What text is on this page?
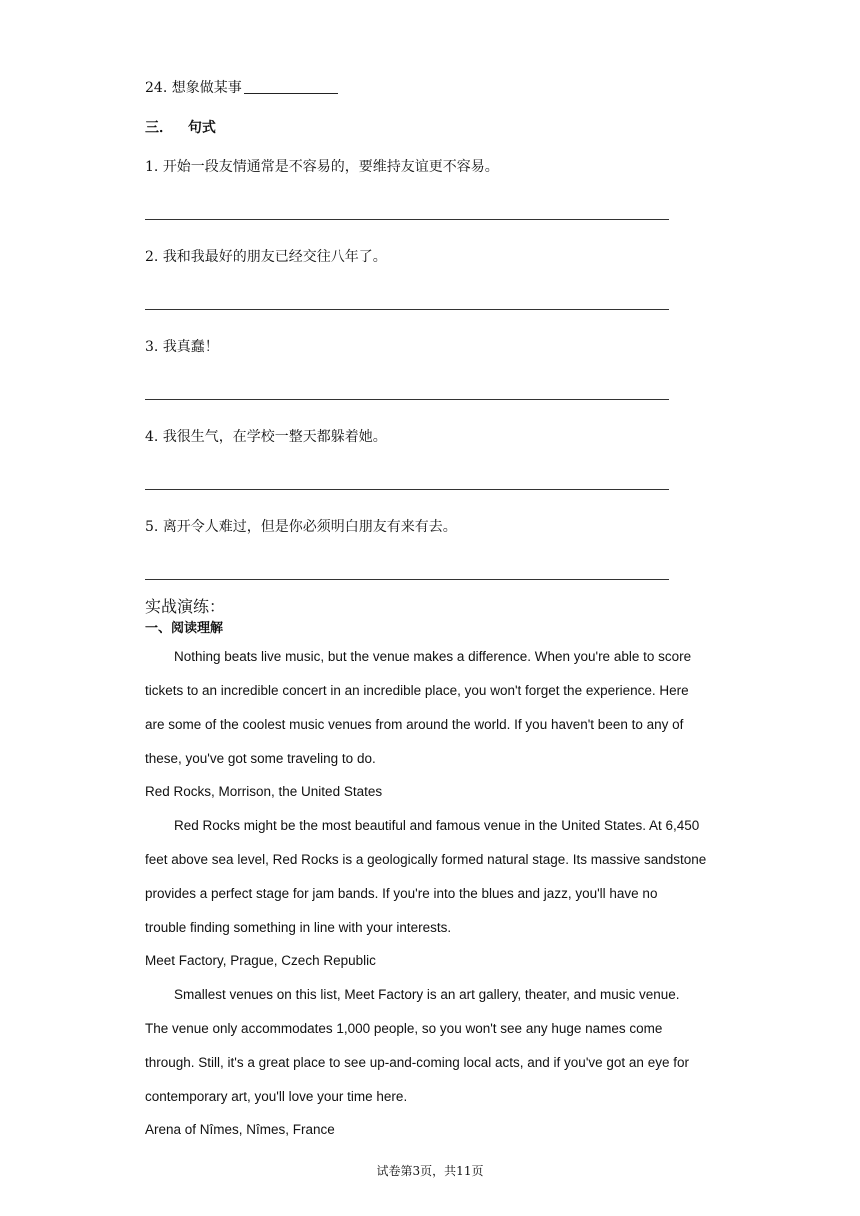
24. 想象做某事
三． 句式
1. 开始一段友情通常是不容易的，要维持友谊更不容易。
2. 我和我最好的朋友已经交往八年了。
3. 我真蠢！
4. 我很生气，在学校一整天都躲着她。
5. 离开令人难过，但是你必须明白朋友有来有去。
实战演练：
一、阅读理解
Nothing beats live music, but the venue makes a difference. When you're able to score
tickets to an incredible concert in an incredible place, you won't forget the experience. Here
are some of the coolest music venues from around the world. If you haven't been to any of
these, you've got some traveling to do.
Red Rocks, Morrison, the United States
Red Rocks might be the most beautiful and famous venue in the United States. At 6,450
feet above sea level, Red Rocks is a geologically formed natural stage. Its massive sandstone
provides a perfect stage for jam bands. If you're into the blues and jazz, you'll have no
trouble finding something in line with your interests.
Meet Factory, Prague, Czech Republic
Smallest venues on this list, Meet Factory is an art gallery, theater, and music venue.
The venue only accommodates 1,000 people, so you won't see any huge names come
through. Still, it's a great place to see up-and-coming local acts, and if you've got an eye for
contemporary art, you'll love your time here.
Arena of Nîmes, Nîmes, France
试卷第3页，共11页
